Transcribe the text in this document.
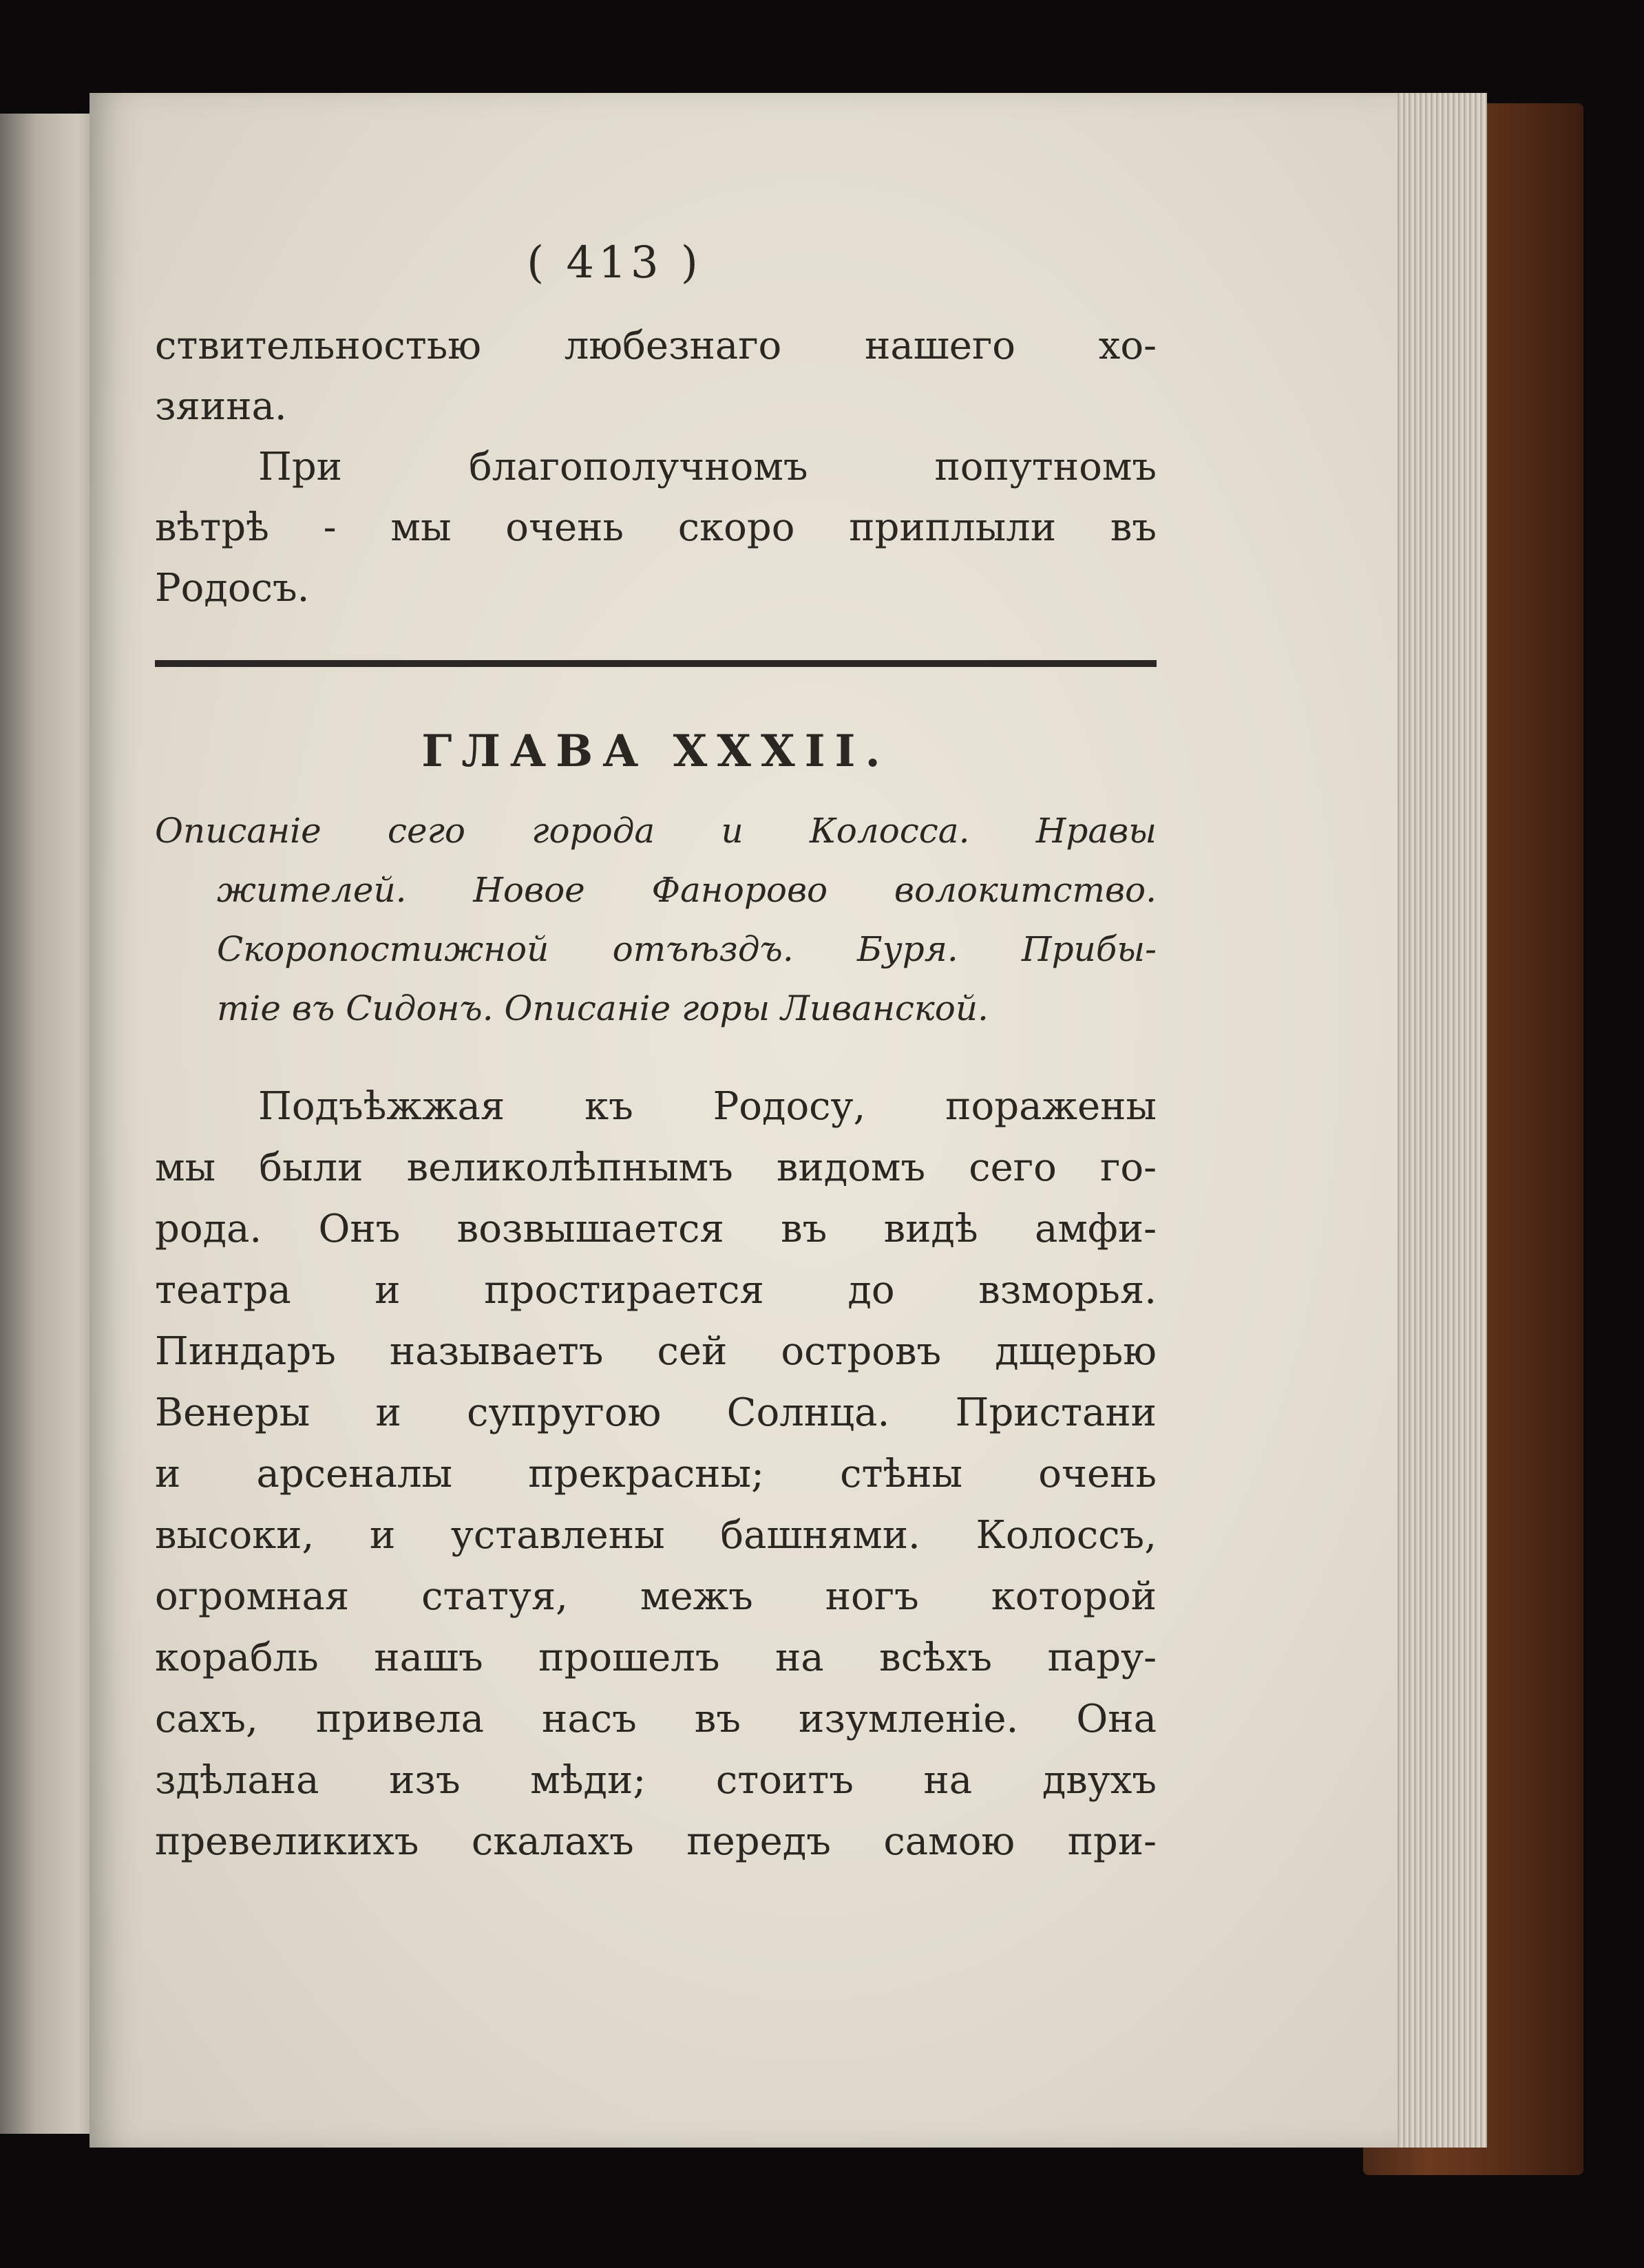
( 413 )
ствительностью любезнаго нашего хо-
зяина.
При благополучномъ попутномъ
вѣтрѣ - мы очень скоро приплыли въ
Родосъ.
ГЛАВА XXXII.
Описаніе сего города и Колосса. Нравы
жителей. Новое Фанорово волокитство.
Скоропостижной отъѣздъ. Буря. Прибы-
тіе въ Сидонъ. Описаніе горы Ливанской.
Подъѣжжая къ Родосу, поражены
мы были великолѣпнымъ видомъ сего го-
рода. Онъ возвышается въ видѣ амфи-
театра и простирается до взморья.
Пиндаръ называетъ сей островъ дщерью
Венеры и супругою Солнца. Пристани
и арсеналы прекрасны; стѣны очень
высоки, и уставлены башнями. Колоссъ,
огромная статуя, межъ ногъ которой
корабль нашъ прошелъ на всѣхъ пару-
сахъ, привела насъ въ изумленіе. Она
здѣлана изъ мѣди; стоитъ на двухъ
превеликихъ скалахъ передъ самою при-
